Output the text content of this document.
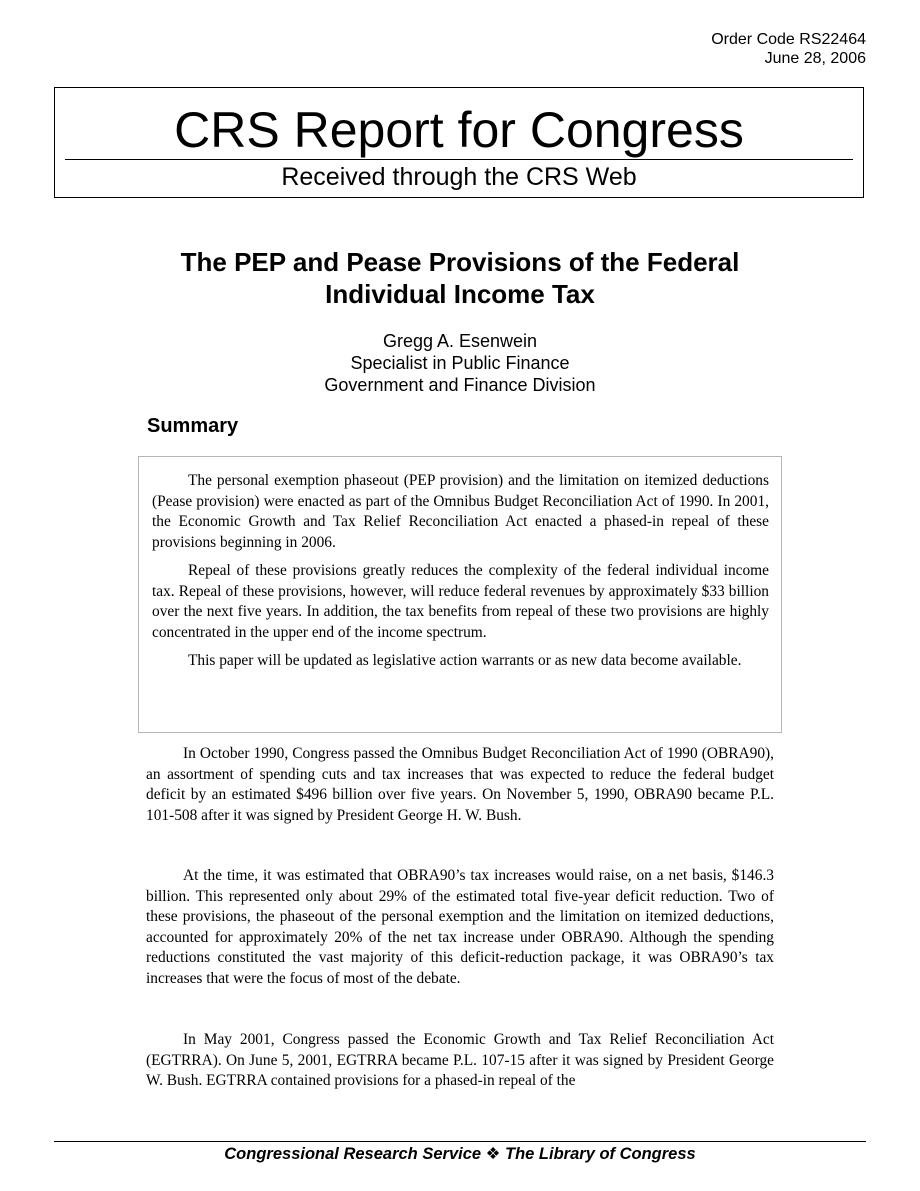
Order Code RS22464
June 28, 2006
CRS Report for Congress
Received through the CRS Web
The PEP and Pease Provisions of the Federal
Individual Income Tax
Gregg A. Esenwein
Specialist in Public Finance
Government and Finance Division
Summary

The personal exemption phaseout (PEP provision) and the limitation on itemized deductions (Pease provision) were enacted as part of the Omnibus Budget Reconciliation Act of 1990. In 2001, the Economic Growth and Tax Relief Reconciliation Act enacted a phased-in repeal of these provisions beginning in 2006.

Repeal of these provisions greatly reduces the complexity of the federal individual income tax. Repeal of these provisions, however, will reduce federal revenues by approximately $33 billion over the next five years. In addition, the tax benefits from repeal of these two provisions are highly concentrated in the upper end of the income spectrum.

This paper will be updated as legislative action warrants or as new data become available.

In October 1990, Congress passed the Omnibus Budget Reconciliation Act of 1990 (OBRA90), an assortment of spending cuts and tax increases that was expected to reduce the federal budget deficit by an estimated $496 billion over five years. On November 5, 1990, OBRA90 became P.L. 101-508 after it was signed by President George H. W. Bush.

At the time, it was estimated that OBRA90’s tax increases would raise, on a net basis, $146.3 billion. This represented only about 29% of the estimated total five-year deficit reduction. Two of these provisions, the phaseout of the personal exemption and the limitation on itemized deductions, accounted for approximately 20% of the net tax increase under OBRA90. Although the spending reductions constituted the vast majority of this deficit-reduction package, it was OBRA90’s tax increases that were the focus of most of the debate.

In May 2001, Congress passed the Economic Growth and Tax Relief Reconciliation Act (EGTRRA). On June 5, 2001, EGTRRA became P.L. 107-15 after it was signed by President George W. Bush. EGTRRA contained provisions for a phased-in repeal of the

Congressional Research Service ❖ The Library of Congress
